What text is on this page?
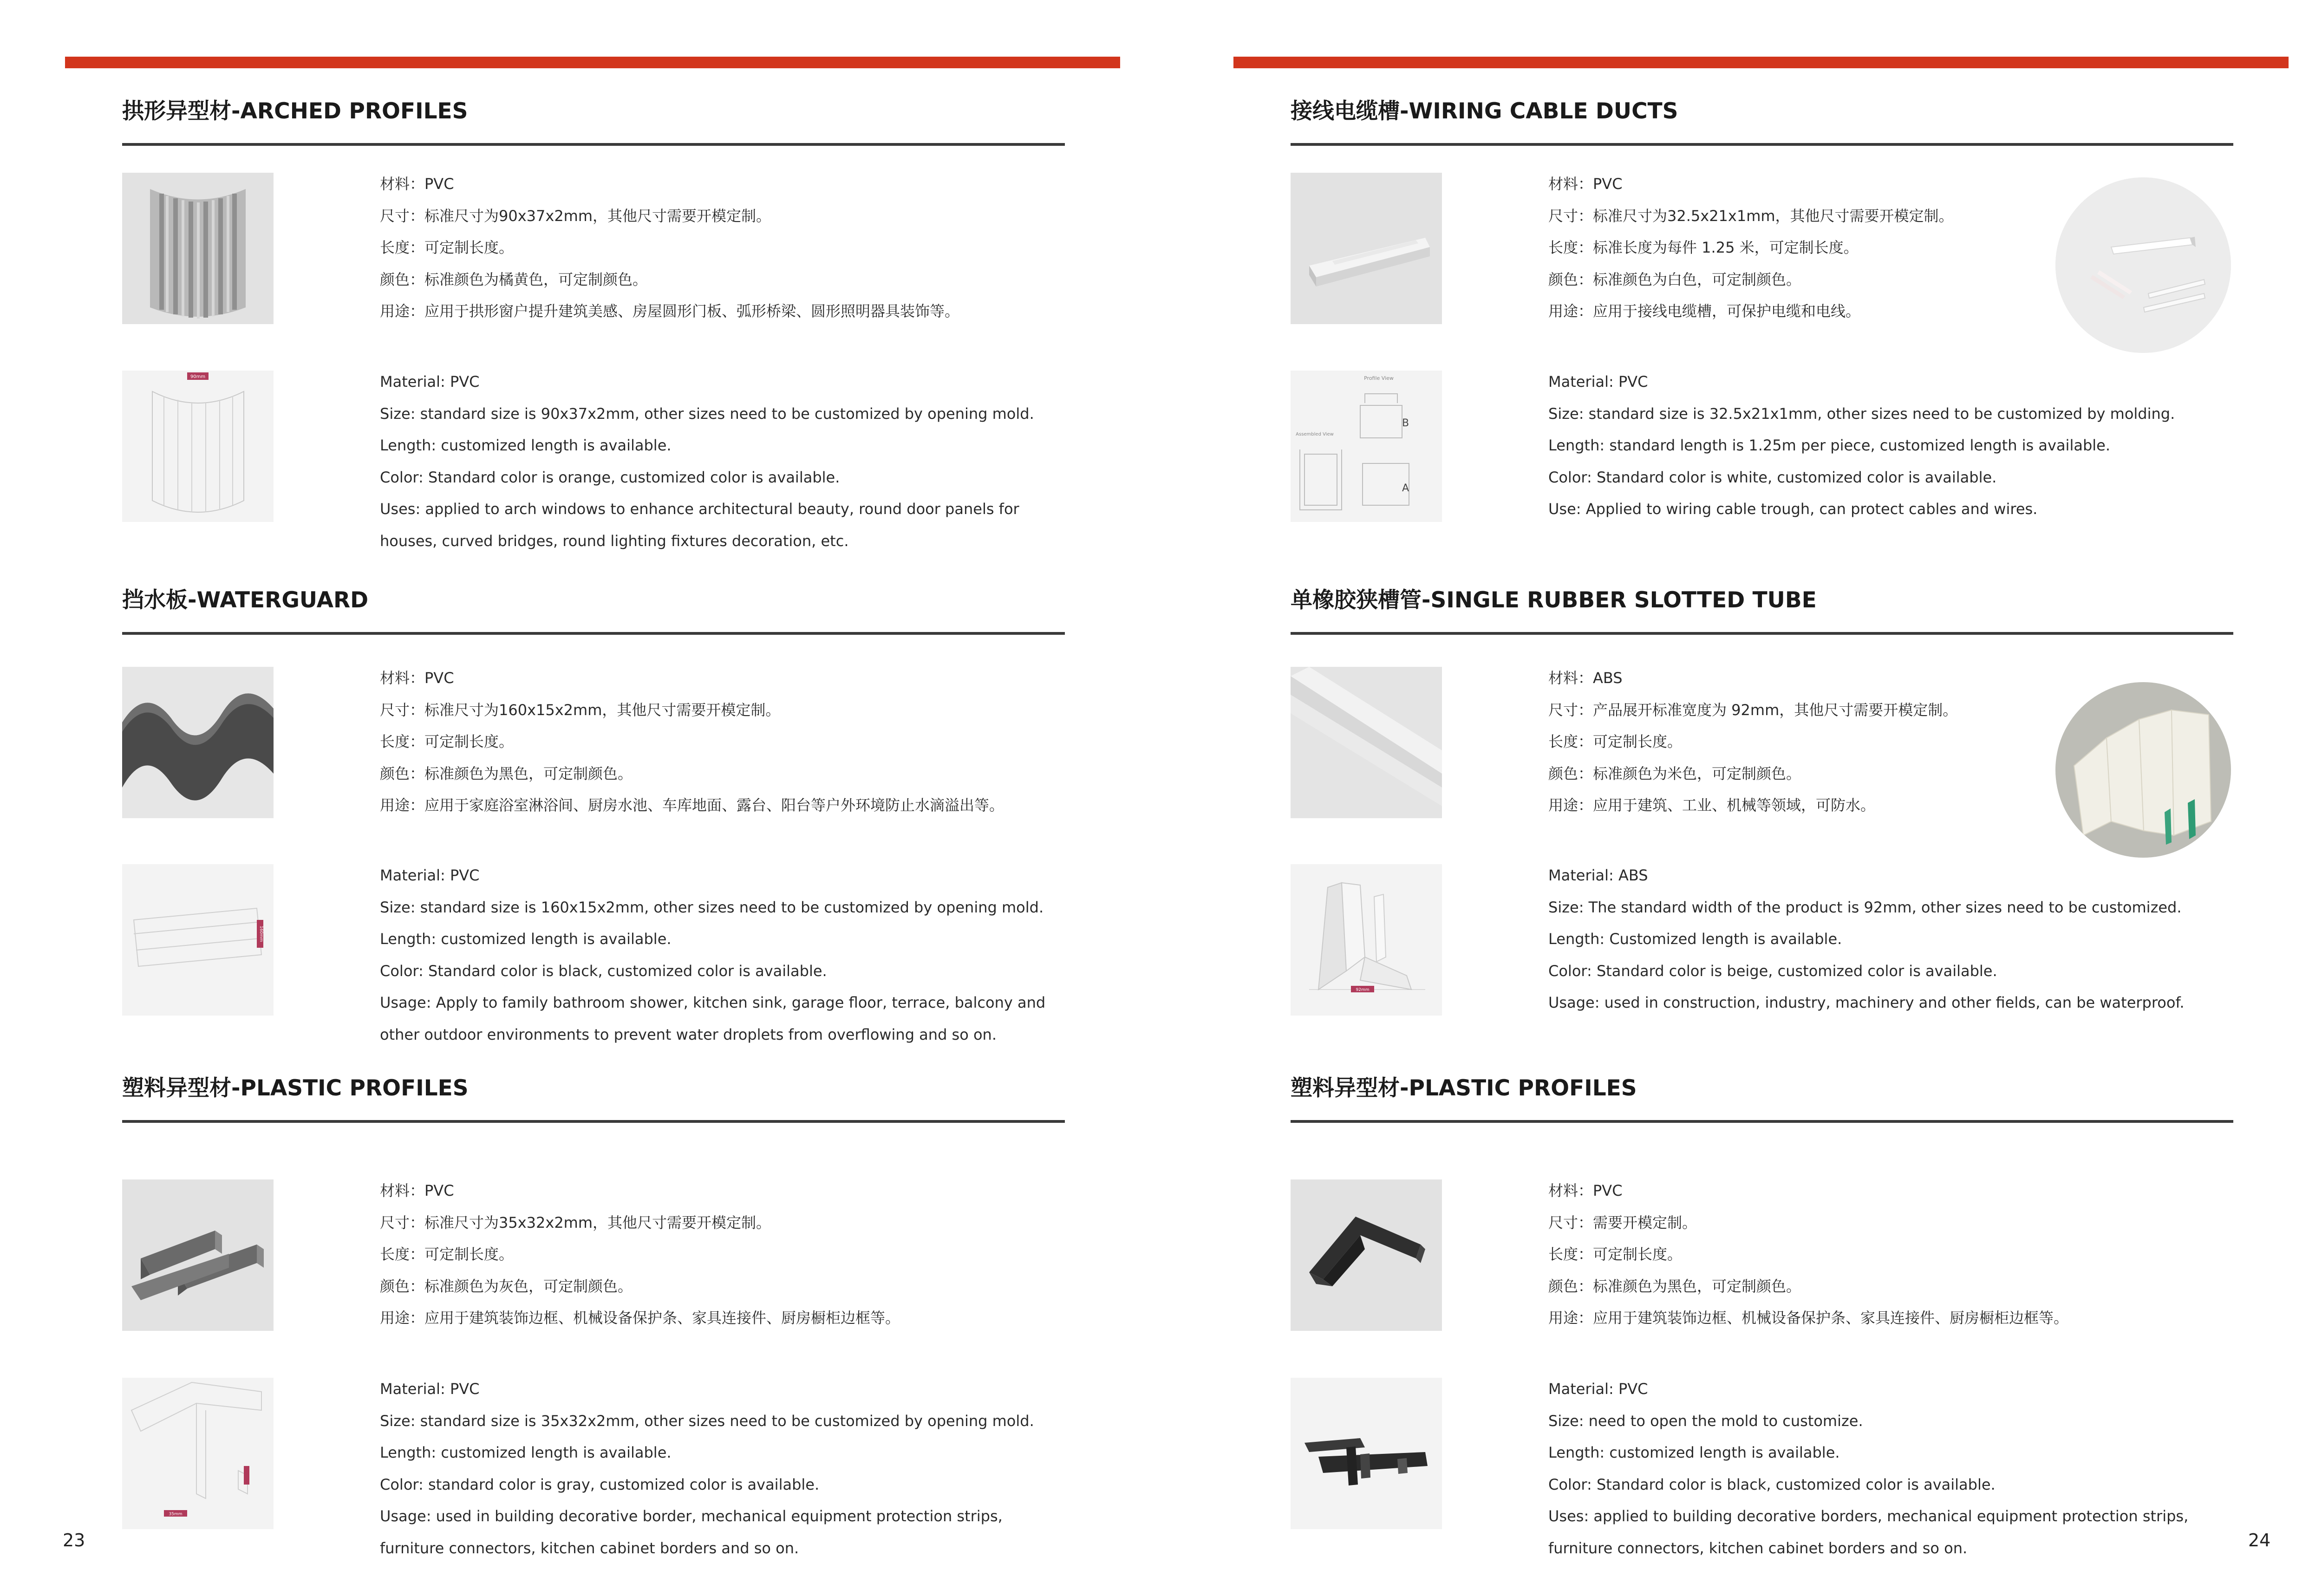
拱形异型材-ARCHED PROFILES
材料：PVC
尺寸：标准尺寸为90x37x2mm，其他尺寸需要开模定制。
长度：可定制长度。
颜色：标准颜色为橘黄色，可定制颜色。
用途：应用于拱形窗户提升建筑美感、房屋圆形门板、弧形桥梁、圆形照明器具装饰等。
90mm	Material: PVC
Size: standard size is 90x37x2mm, other sizes need to be customized by opening mold.
Length: customized length is available.
Color: Standard color is orange, customized color is available.
Uses: applied to arch windows to enhance architectural beauty, round door panels for
houses, curved bridges, round lighting fixtures decoration, etc.
挡水板-WATERGUARD
材料：PVC
尺寸：标准尺寸为160x15x2mm，其他尺寸需要开模定制。
长度：可定制长度。
颜色：标准颜色为黑色，可定制颜色。
用途：应用于家庭浴室淋浴间、厨房水池、车库地面、露台、阳台等户外环境防止水滴溢出等。
160mm
Material: PVC
Size: standard size is 160x15x2mm, other sizes need to be customized by opening mold.
Length: customized length is available.
Color: Standard color is black, customized color is available.
Usage: Apply to family bathroom shower, kitchen sink, garage floor, terrace, balcony and
other outdoor environments to prevent water droplets from overflowing and so on.
塑料异型材-PLASTIC PROFILES
材料：PVC
尺寸：标准尺寸为35x32x2mm，其他尺寸需要开模定制。
长度：可定制长度。
颜色：标准颜色为灰色，可定制颜色。
用途：应用于建筑装饰边框、机械设备保护条、家具连接件、厨房橱柜边框等。
35mm
Material: PVC
Size: standard size is 35x32x2mm, other sizes need to be customized by opening mold.
Length: customized length is available.
Color: standard color is gray, customized color is available.
Usage: used in building decorative border, mechanical equipment protection strips,
furniture connectors, kitchen cabinet borders and so on.
23
接线电缆槽-WIRING CABLE DUCTS
材料：PVC
尺寸：标准尺寸为32.5x21x1mm，其他尺寸需要开模定制。
长度：标准长度为每件 1.25 米，可定制长度。
颜色：标准颜色为白色，可定制颜色。
用途：应用于接线电缆槽，可保护电缆和电线。
Profile View
Assembled View
B
A
Material: PVC
Size: standard size is 32.5x21x1mm, other sizes need to be customized by molding.
Length: standard length is 1.25m per piece, customized length is available.
Color: Standard color is white, customized color is available.
Use: Applied to wiring cable trough, can protect cables and wires.
单橡胶狭槽管-SINGLE RUBBER SLOTTED TUBE
材料：ABS
尺寸：产品展开标准宽度为 92mm，其他尺寸需要开模定制。
长度：可定制长度。
颜色：标准颜色为米色，可定制颜色。
用途：应用于建筑、工业、机械等领域，可防水。
92mm
Material: ABS
Size: The standard width of the product is 92mm, other sizes need to be customized.
Length: Customized length is available.
Color: Standard color is beige, customized color is available.
Usage: used in construction, industry, machinery and other fields, can be waterproof.
塑料异型材-PLASTIC PROFILES
材料：PVC
尺寸：需要开模定制。
长度：可定制长度。
颜色：标准颜色为黑色，可定制颜色。
用途：应用于建筑装饰边框、机械设备保护条、家具连接件、厨房橱柜边框等。
Material: PVC
Size: need to open the mold to customize.
Length: customized length is available.
Color: Standard color is black, customized color is available.
Uses: applied to building decorative borders, mechanical equipment protection strips,
furniture connectors, kitchen cabinet borders and so on.	24
